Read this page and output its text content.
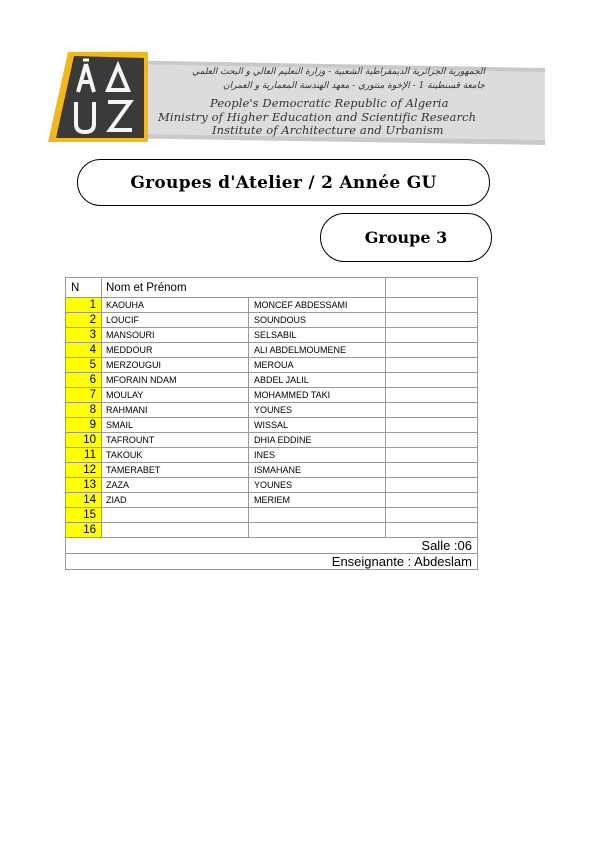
الجمهورية الجزائرية الديمقراطية الشعبية - وزارة التعليم العالي و البحث العلمي
جامعة قسنطينة 1 - الإخوة منتوري - معهد الهندسة المعمارية و العمران
People's Democratic Republic of Algeria
Ministry of Higher Education and Scientific Research
Institute of Architecture and Urbanism
Groupes d'Atelier / 2 Année GU
Groupe 3
N	Nom et Prénom		
1	KAOUHA	MONCEF ABDESSAMI	
2	LOUCIF	SOUNDOUS	
3	MANSOURI	SELSABIL	
4	MEDDOUR	ALI ABDELMOUMENE	
5	MERZOUGUI	MEROUA	
6	MFORAIN NDAM	ABDEL JALIL	
7	MOULAY	MOHAMMED TAKI	
8	RAHMANI	YOUNES	
9	SMAIL	WISSAL	
10	TAFROUNT	DHIA EDDINE	
11	TAKOUK	INES	
12	TAMERABET	ISMAHANE	
13	ZAZA	YOUNES	
14	ZIAD	MERIEM	
15			
16			
Salle :06			
Enseignante : Abdeslam			
